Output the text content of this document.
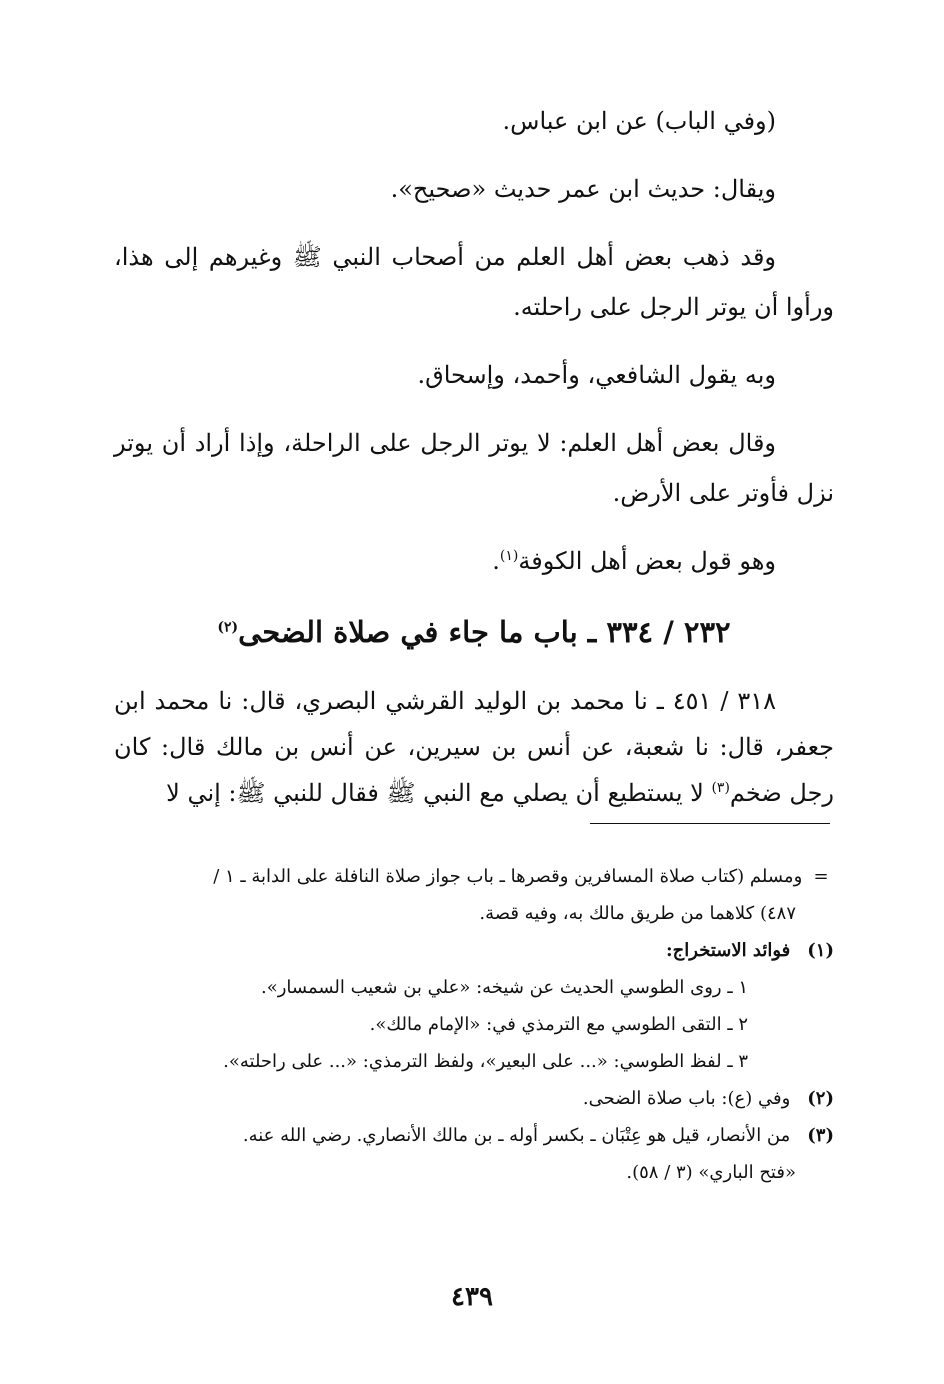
(وفي الباب) عن ابن عباس.

ويقال: حديث ابن عمر حديث «صحيح».

وقد ذهب بعض أهل العلم من أصحاب النبي ﷺ وغيرهم إلى هذا، ورأوا أن يوتر الرجل على راحلته.

وبه يقول الشافعي، وأحمد، وإسحاق.

وقال بعض أهل العلم: لا يوتر الرجل على الراحلة، وإذا أراد أن يوتر نزل فأوتر على الأرض.

وهو قول بعض أهل الكوفة$^{(١)}$.

٢٣٢ / ٣٣٤ ـ باب ما جاء في صلاة الضحى$^{(٢)}$

٣١٨ / ٤٥١ ـ نا محمد بن الوليد القرشي البصري، قال: نا محمد ابن جعفر، قال: نا شعبة، عن أنس بن سيرين، عن أنس بن مالك قال: كان رجل ضخم$^{(٣)}$ لا يستطيع أن يصلي مع النبي ﷺ فقال للنبي ﷺ: إني لا

= ومسلم (كتاب صلاة المسافرين وقصرها ـ باب جواز صلاة النافلة على الدابة ـ ١ /

٤٨٧) كلاهما من طريق مالك به، وفيه قصة.

(١) فوائد الاستخراج:

١ ـ روى الطوسي الحديث عن شيخه: «علي بن شعيب السمسار».

٢ ـ التقى الطوسي مع الترمذي في: «الإمام مالك».

٣ ـ لفظ الطوسي: «... على البعير»، ولفظ الترمذي: «... على راحلته».

(٢) وفي (ع): باب صلاة الضحى.

(٣) من الأنصار، قيل هو عِتْبَان ـ بكسر أوله ـ بن مالك الأنصاري. رضي الله عنه.

«فتح الباري» (٣ / ٥٨).

٤٣٩
